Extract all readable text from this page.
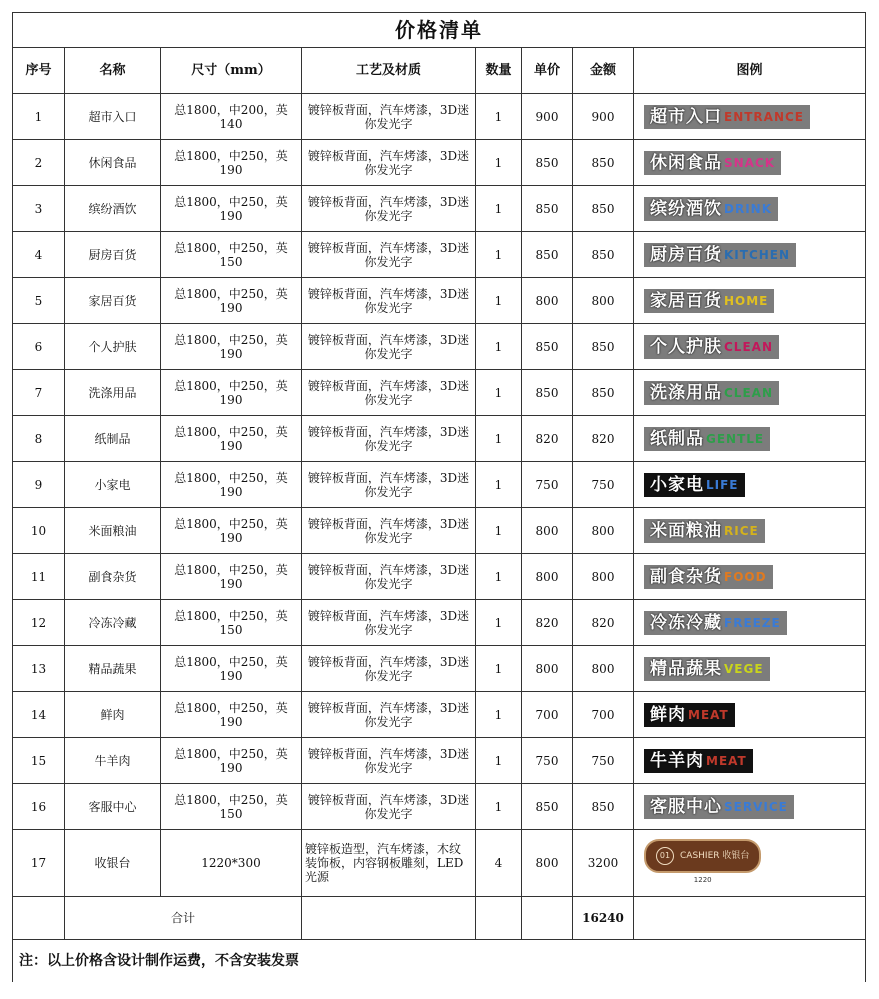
价格清单							
序号	名称	尺寸（mm）	工艺及材质	数量	单价	金额	图例
1	超市入口	总1800，中200，英140	镀锌板背面，汽车烤漆，3D迷你发光字	1	900	900	超市入口 ENTRANCE

2	休闲食品	总1800，中250，英190	镀锌板背面，汽车烤漆，3D迷你发光字	1	850	850	休闲食品 SNACK

3	缤纷酒饮	总1800，中250，英190	镀锌板背面，汽车烤漆，3D迷你发光字	1	850	850	缤纷酒饮 DRINK

4	厨房百货	总1800，中250，英150	镀锌板背面，汽车烤漆，3D迷你发光字	1	850	850	厨房百货 KITCHEN

5	家居百货	总1800，中250，英190	镀锌板背面，汽车烤漆，3D迷你发光字	1	800	800	家居百货 HOME

6	个人护肤	总1800，中250，英190	镀锌板背面，汽车烤漆，3D迷你发光字	1	850	850	个人护肤 CLEAN

7	洗涤用品	总1800，中250，英190	镀锌板背面，汽车烤漆，3D迷你发光字	1	850	850	洗涤用品 CLEAN

8	纸制品	总1800，中250，英190	镀锌板背面，汽车烤漆，3D迷你发光字	1	820	820	纸制品 GENTLE

9	小家电	总1800，中250，英190	镀锌板背面，汽车烤漆，3D迷你发光字	1	750	750	小家电 LIFE

10	米面粮油	总1800，中250，英190	镀锌板背面，汽车烤漆，3D迷你发光字	1	800	800	米面粮油 RICE

11	副食杂货	总1800，中250，英190	镀锌板背面，汽车烤漆，3D迷你发光字	1	800	800	副食杂货 FOOD

12	冷冻冷藏	总1800，中250，英150	镀锌板背面，汽车烤漆，3D迷你发光字	1	820	820	冷冻冷藏 FREEZE

13	精品蔬果	总1800，中250，英190	镀锌板背面，汽车烤漆，3D迷你发光字	1	800	800	精品蔬果 VEGE

14	鲜肉	总1800，中250，英190	镀锌板背面，汽车烤漆，3D迷你发光字	1	700	700	鲜肉 MEAT

15	牛羊肉	总1800，中250，英190	镀锌板背面，汽车烤漆，3D迷你发光字	1	750	750	牛羊肉 MEAT

16	客服中心	总1800，中250，英150	镀锌板背面，汽车烤漆，3D迷你发光字	1	850	850	客服中心 SERVICE

17	收银台	1220*300	镀锌板造型，汽车烤漆，木纹装饰板，内容钢板雕刻，LED光源	4	800	3200	01 CASHIER 收银台
1220

	合计					16240	
注：以上价格含设计制作运费，不含安装发票							
